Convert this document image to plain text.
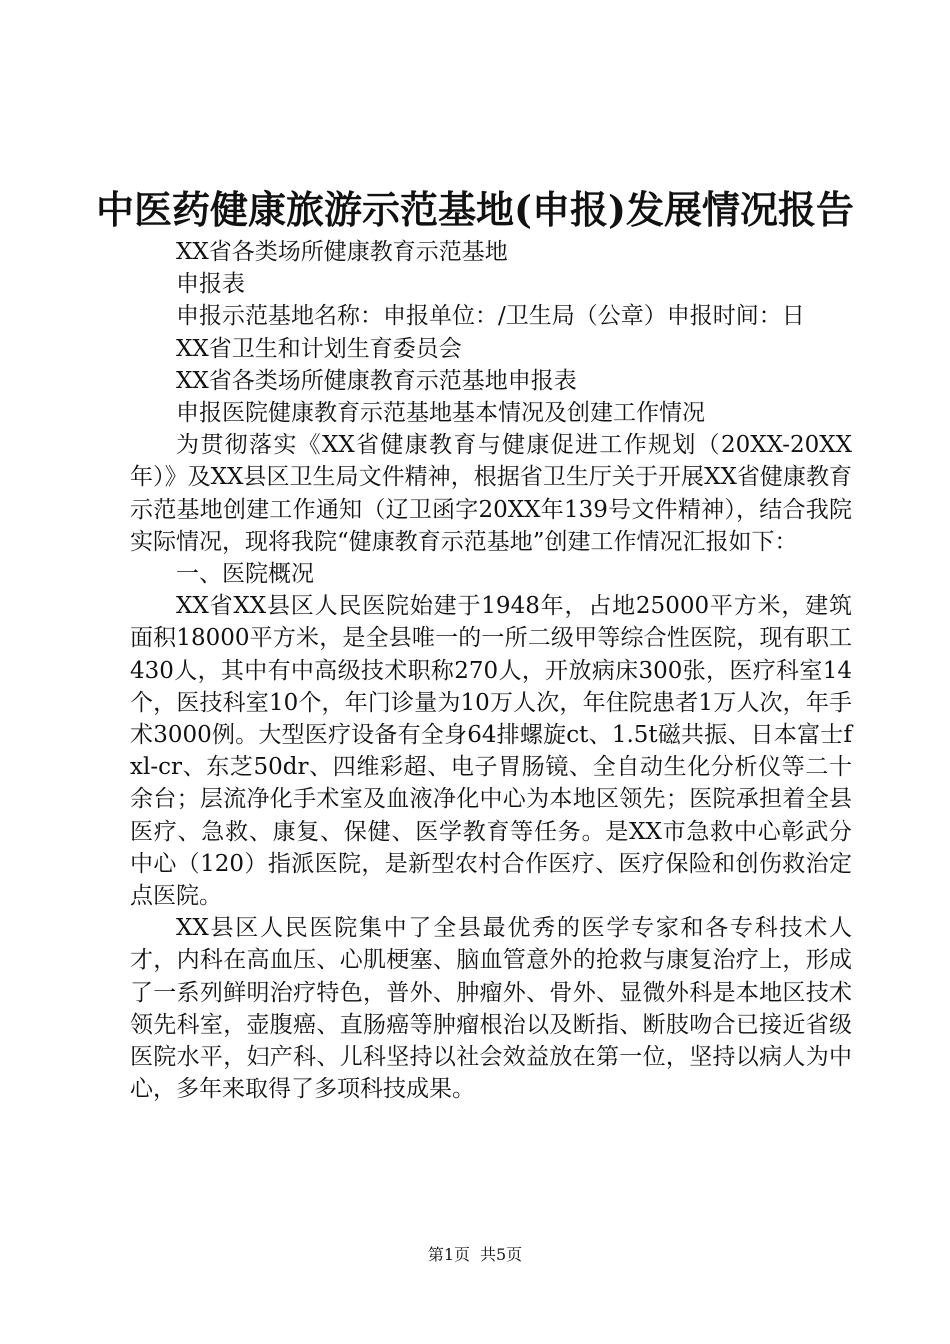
中医药健康旅游示范基地(申报)发展情况报告

XX省各类场所健康教育示范基地

申报表

申报示范基地名称：申报单位：/卫生局（公章）申报时间：日

XX省卫生和计划生育委员会

XX省各类场所健康教育示范基地申报表

申报医院健康教育示范基地基本情况及创建工作情况

为贯彻落实《XX省健康教育与健康促进工作规划（20XX-20XX年）》及XX县区卫生局文件精神，根据省卫生厅关于开展XX省健康教育示范基地创建工作通知（辽卫函字20XX年139号文件精神），结合我院实际情况，现将我院“健康教育示范基地”创建工作情况汇报如下：

一、医院概况

XX省XX县区人民医院始建于1948年，占地25000平方米，建筑面积18000平方米，是全县唯一的一所二级甲等综合性医院，现有职工430人，其中有中高级技术职称270人，开放病床300张，医疗科室14个，医技科室10个，年门诊量为10万人次，年住院患者1万人次，年手术3000例。大型医疗设备有全身64排螺旋ct、1.5t磁共振、日本富士fxl-cr、东芝50dr、四维彩超、电子胃肠镜、全自动生化分析仪等二十余台；层流净化手术室及血液净化中心为本地区领先；医院承担着全县医疗、急救、康复、保健、医学教育等任务。是XX市急救中心彰武分中心（120）指派医院，是新型农村合作医疗、医疗保险和创伤救治定点医院。

XX县区人民医院集中了全县最优秀的医学专家和各专科技术人才，内科在高血压、心肌梗塞、脑血管意外的抢救与康复治疗上，形成了一系列鲜明治疗特色，普外、肿瘤外、骨外、显微外科是本地区技术领先科室，壶腹癌、直肠癌等肿瘤根治以及断指、断肢吻合已接近省级医院水平，妇产科、儿科坚持以社会效益放在第一位，坚持以病人为中心，多年来取得了多项科技成果。

第1页 共5页
